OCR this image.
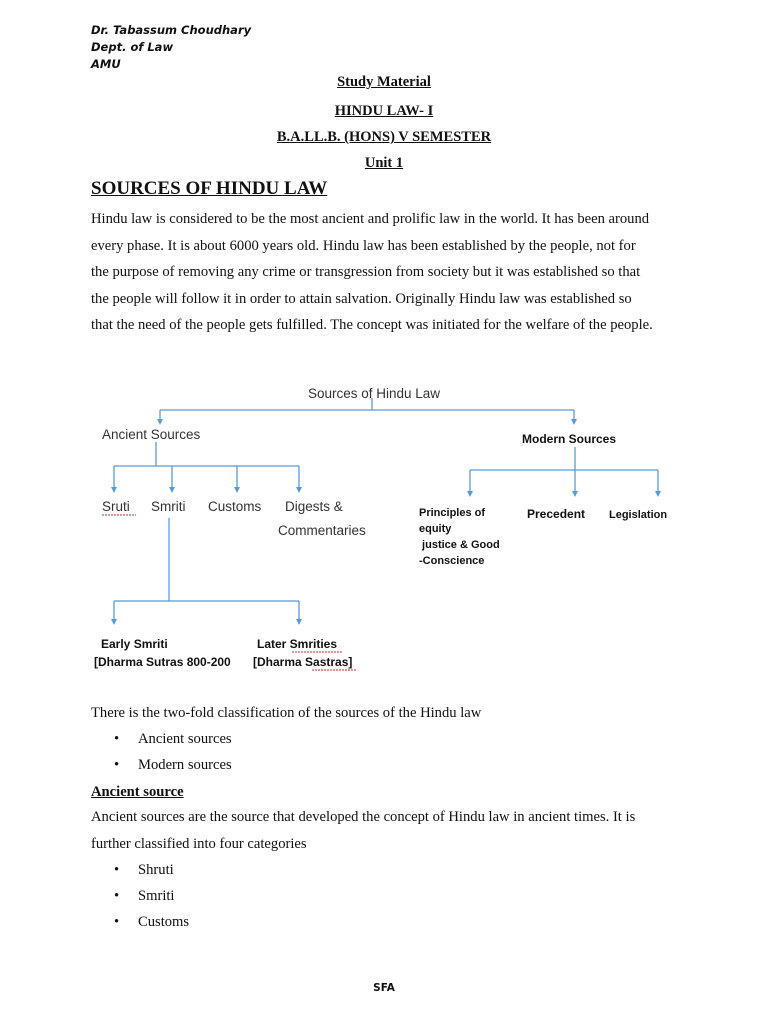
Dr. Tabassum Choudhary
Dept. of Law
AMU
Study Material
HINDU LAW- I
B.A.LL.B. (HONS) V SEMESTER
Unit 1
SOURCES OF HINDU LAW
Hindu law is considered to be the most ancient and prolific law in the world. It has been around
every phase. It is about 6000 years old. Hindu law has been established by the people, not for
the purpose of removing any crime or transgression from society but it was established so that
the people will follow it in order to attain salvation. Originally Hindu law was established so
that the need of the people gets fulfilled. The concept was initiated for the welfare of the people.
Sources of Hindu Law
Ancient Sources	Modern Sources
Sruti Smriti Customs Digests &
Commentaries
Principles of
equity
justice & Good
-Conscience
Precedent Legislation
Early Smriti	Later Smrities
[Dharma Sutras 800-200 [Dharma Sastras]
There is the two-fold classification of the sources of the Hindu law
• Ancient sources
• Modern sources
Ancient source
Ancient sources are the source that developed the concept of Hindu law in ancient times. It is
further classified into four categories
• Shruti
• Smriti
• Customs
SFA
